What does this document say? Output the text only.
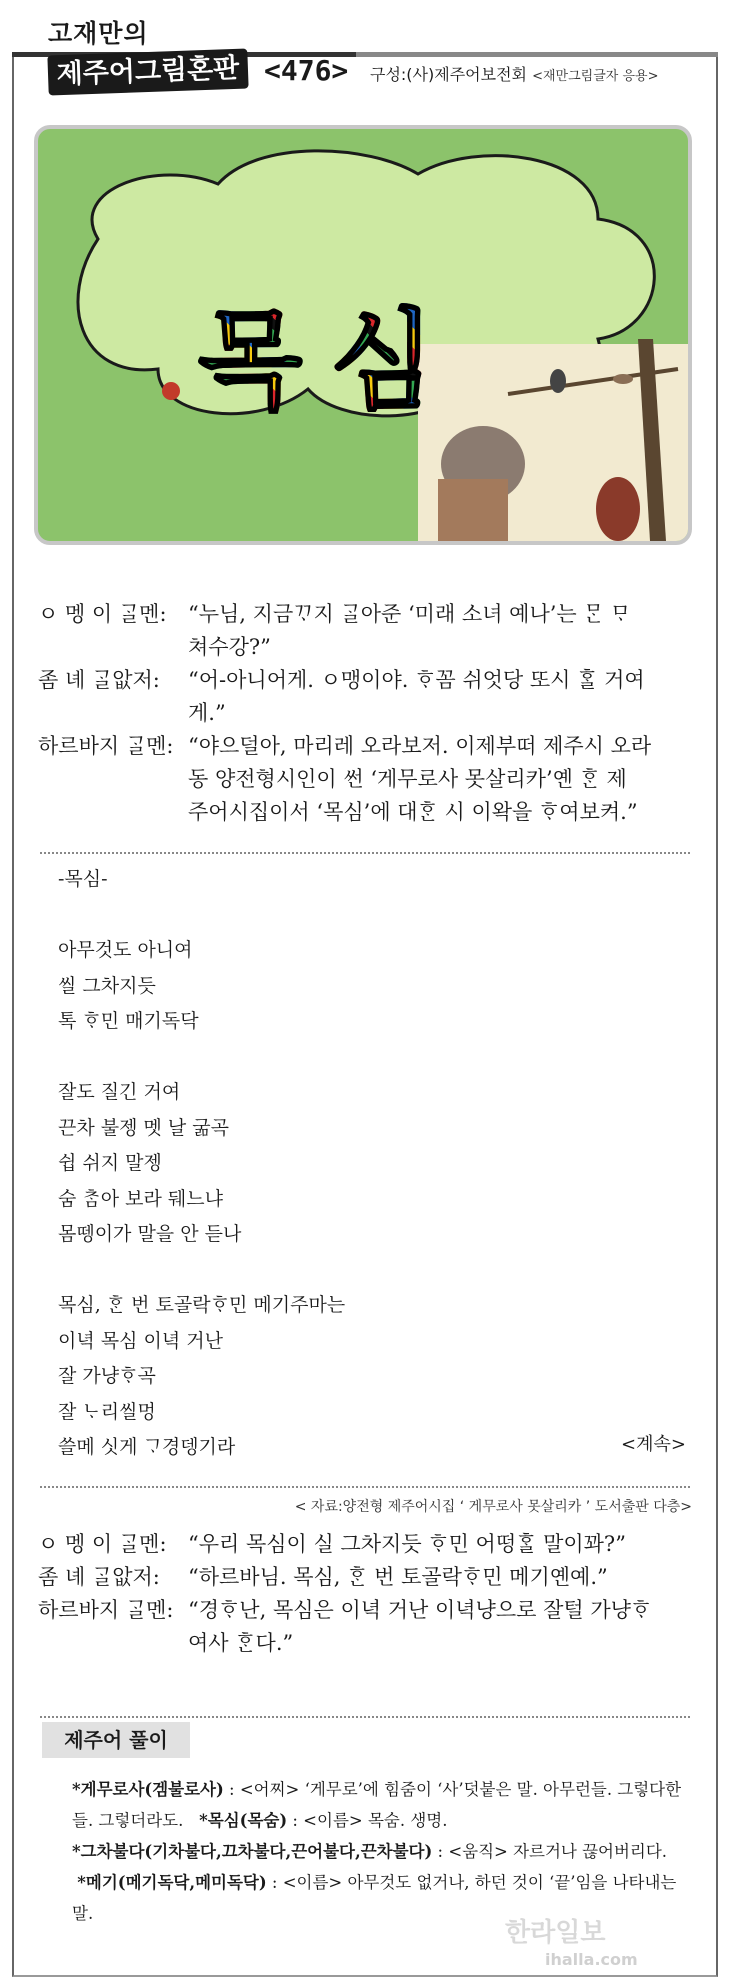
고재만의
제주어그림혼판 <476> 구성:(사)제주어보전회 <재만그림글자 응용>
목심
ㅇ 멩 이 ᄀᆞᆯ멘:	“누님, 지금ᄁᆞ지 ᄀᆞᆯ아준 ‘미래 소녀 예나’는 ᄆᆞᆫ ᄆᆞ
쳐수강?”
좀 녜 ᄀᆞᆯ앖저:	“어-아니어게. ㅇ맹이야. ᄒᆞ꼼 쉬엇당 또시 ᄒᆞᆯ 거여
게.”
하르바지 ᄀᆞᆯ멘: “야으덜아, 마리레 오라보저. 이제부떠 제주시 오라
동 양전형시인이 썬 ‘게무로사 못살리카’옌 ᄒᆞᆫ 제
주어시집이서 ‘목심’에 대ᄒᆞᆫ 시 이왁을 ᄒᆞ여보켜.”
-목심-
아무것도 아니여
씰 그차지듯
톡 ᄒᆞ민 매기독닥
잘도 질긴 거여
끈차 불젱 멧 날 굶곡
쉽 쉬지 말젱
숨 ᄎᆞᆷ아 보라 뒈느냐
몸뗑이가 말을 안 듣나
목심, ᄒᆞᆫ 번 토골락ᄒᆞ민 메기주마는
이녁 목심 이녁 거난
잘 가냥ᄒᆞ곡
잘 ᄂᆞ리씰멍
쓸메 싯게 ᄀᆞ경뎅기라	<계속>
< 자료:양전형 제주어시집 ‘ 게무로사 못살리카 ’ 도서출판 다층>
ㅇ 멩 이 ᄀᆞᆯ멘:	“우리 목심이 실 그차지듯 ᄒᆞ민 어떵ᄒᆞᆯ 말이꽈?”
좀 녜 ᄀᆞᆯ앖저:	“하르바님. 목심, ᄒᆞᆫ 번 토골락ᄒᆞ민 메기옌예.”
하르바지 ᄀᆞᆯ멘: “경ᄒᆞ난, 목심은 이녁 거난 이녁냥으로 잘털 가냥ᄒᆞ
여사 ᄒᆞᆫ다.”
제주어 풀이
*게무로사(겜불로사) : <어찌> ‘게무로’에 힘줌이 ‘사’덧붙은 말. 아무런들. 그렇다한들. 그렇더라도. *목심(목숨) : <이름> 목숨. 생명.
*그차불다(기차불다,끄차불다,끈어불다,끈차불다) : <움직> 자르거나 끊어버리다.  *메기(메기독닥,메미독닥) : <이름> 아무것도 없거나, 하던 것이 ‘끝’임을 나타내는 말.
한라일보
ihalla.com
